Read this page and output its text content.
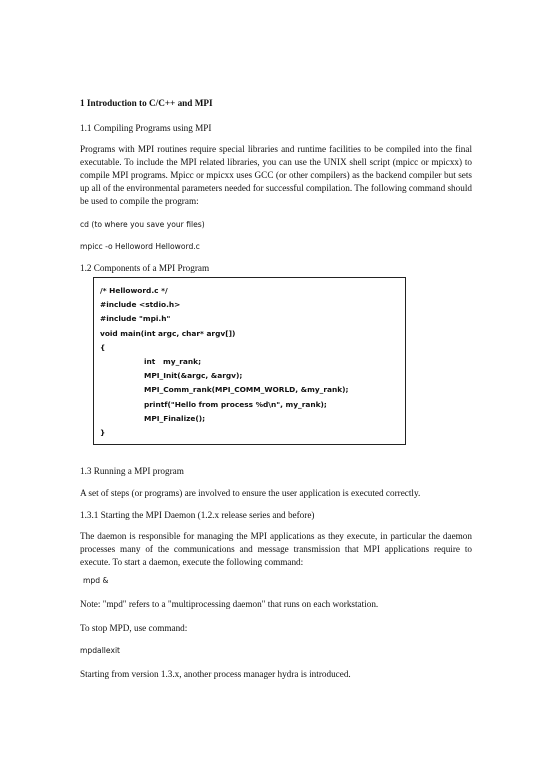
1 Introduction to C/C++ and MPI
1.1 Compiling Programs using MPI
Programs with MPI routines require special libraries and runtime facilities to be compiled into the final executable. To include the MPI related libraries, you can use the UNIX shell script (mpicc or mpicxx) to compile MPI programs. Mpicc or mpicxx uses GCC (or other compilers) as the backend compiler but sets up all of the environmental parameters needed for successful compilation. The following command should be used to compile the program:
cd (to where you save your files)
mpicc -o Helloword Helloword.c
1.2 Components of a MPI Program
/* Helloword.c */
#include <stdio.h>
#include "mpi.h"
void main(int argc, char* argv[])
{
int   my_rank;
MPI_Init(&argc, &argv);
MPI_Comm_rank(MPI_COMM_WORLD, &my_rank);
printf("Hello from process %d\n", my_rank);
MPI_Finalize();
}
1.3 Running a MPI program
A set of steps (or programs) are involved to ensure the user application is executed correctly.
1.3.1 Starting the MPI Daemon (1.2.x release series and before)
The daemon is responsible for managing the MPI applications as they execute, in particular the daemon processes many of the communications and message transmission that MPI applications require to execute. To start a daemon, execute the following command:
mpd &
Note: "mpd" refers to a "multiprocessing daemon" that runs on each workstation.
To stop MPD, use command:
mpdallexit
Starting from version 1.3.x, another process manager hydra is introduced.
